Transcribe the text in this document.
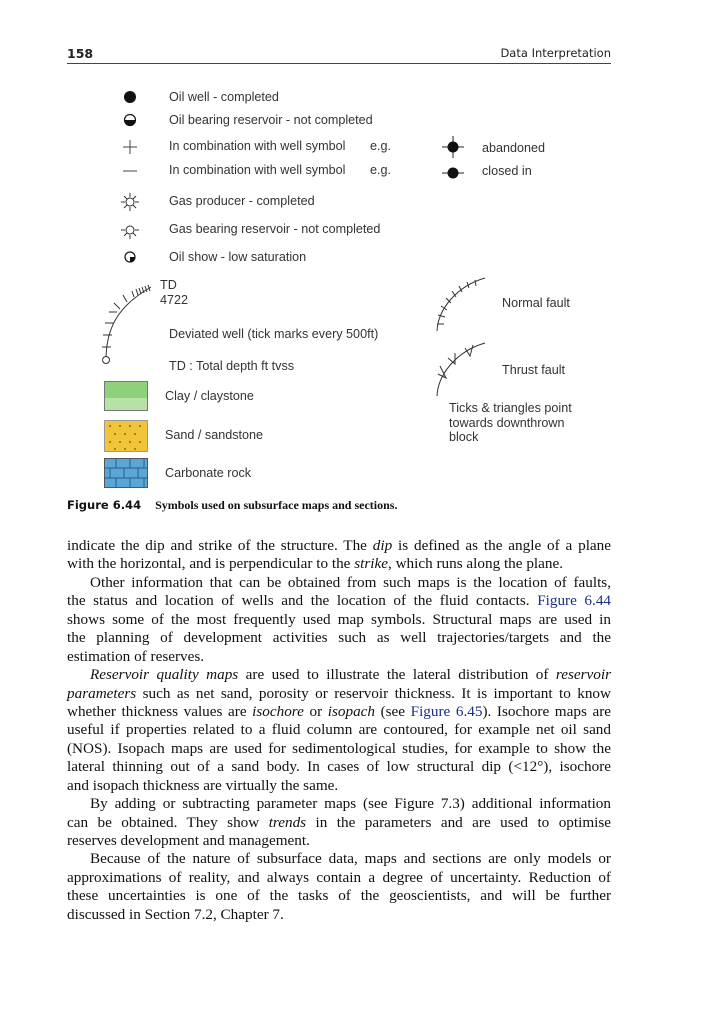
158	Data Interpretation
Oil well - completed
Oil bearing reservoir - not completed
In combination with well symbol e.g.
In combination with well symbol e.g.
Gas producer - completed
Gas bearing reservoir - not completed
Oil show - low saturation
abandoned
closed in
TD
4722
Deviated well (tick marks every 500ft)
TD : Total depth ft tvss
Clay / claystone
Sand / sandstone
Carbonate rock
Normal fault
Thrust fault
Ticks & triangles point
towards downthrown
block
Figure 6.44 Symbols used on subsurface maps and sections.
indicate the dip and strike of the structure. The dip is defined as the angle of a plane
with the horizontal, and is perpendicular to the strike, which runs along the plane.
Other information that can be obtained from such maps is the location of faults,
the status and location of wells and the location of the fluid contacts. Figure 6.44
shows some of the most frequently used map symbols. Structural maps are used in
the planning of development activities such as well trajectories/targets and the
estimation of reserves.
Reservoir quality maps are used to illustrate the lateral distribution of reservoir
parameters such as net sand, porosity or reservoir thickness. It is important to know
whether thickness values are isochore or isopach (see Figure 6.45). Isochore maps are
useful if properties related to a fluid column are contoured, for example net oil sand
(NOS). Isopach maps are used for sedimentological studies, for example to show the
lateral thinning out of a sand body. In cases of low structural dip (<12°), isochore
and isopach thickness are virtually the same.
By adding or subtracting parameter maps (see Figure 7.3) additional information
can be obtained. They show trends in the parameters and are used to optimise
reserves development and management.
Because of the nature of subsurface data, maps and sections are only models or
approximations of reality, and always contain a degree of uncertainty. Reduction of
these uncertainties is one of the tasks of the geoscientists, and will be further
discussed in Section 7.2, Chapter 7.
